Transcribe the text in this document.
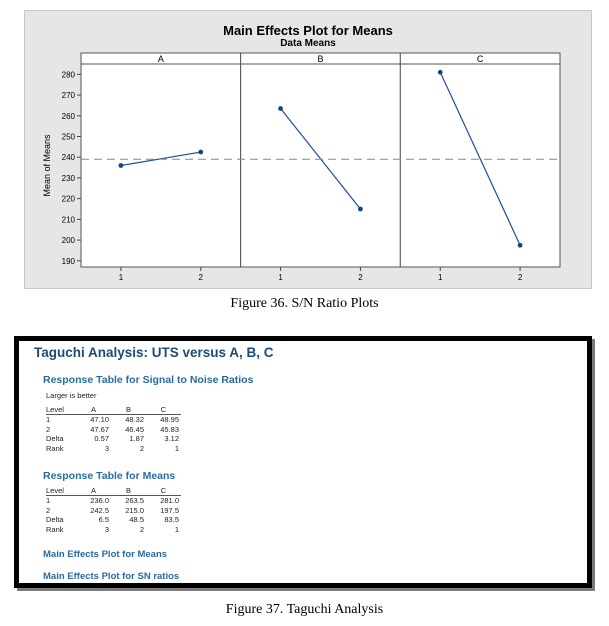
Main Effects Plot for Means
Data Means
Mean of Means
190
200
210
220
230
240
250
260
270
280
A
1	2
B
1	2
C
1	2
Figure 36. S/N Ratio Plots
Taguchi Analysis: UTS versus A, B, C
Response Table for Signal to Noise Ratios
Larger is better
Level	A	B	C
1	47.10	48.32	48.95
2	47.67	46.45	45.83
Delta	0.57	1.87	3.12
Rank	3	2	1
Response Table for Means
Level	A	B	C
1	236.0	263.5	281.0
2	242.5	215.0	197.5
Delta	6.5	48.5	83.5
Rank	3	2	1
Main Effects Plot for Means
Main Effects Plot for SN ratios
Figure 37. Taguchi Analysis
